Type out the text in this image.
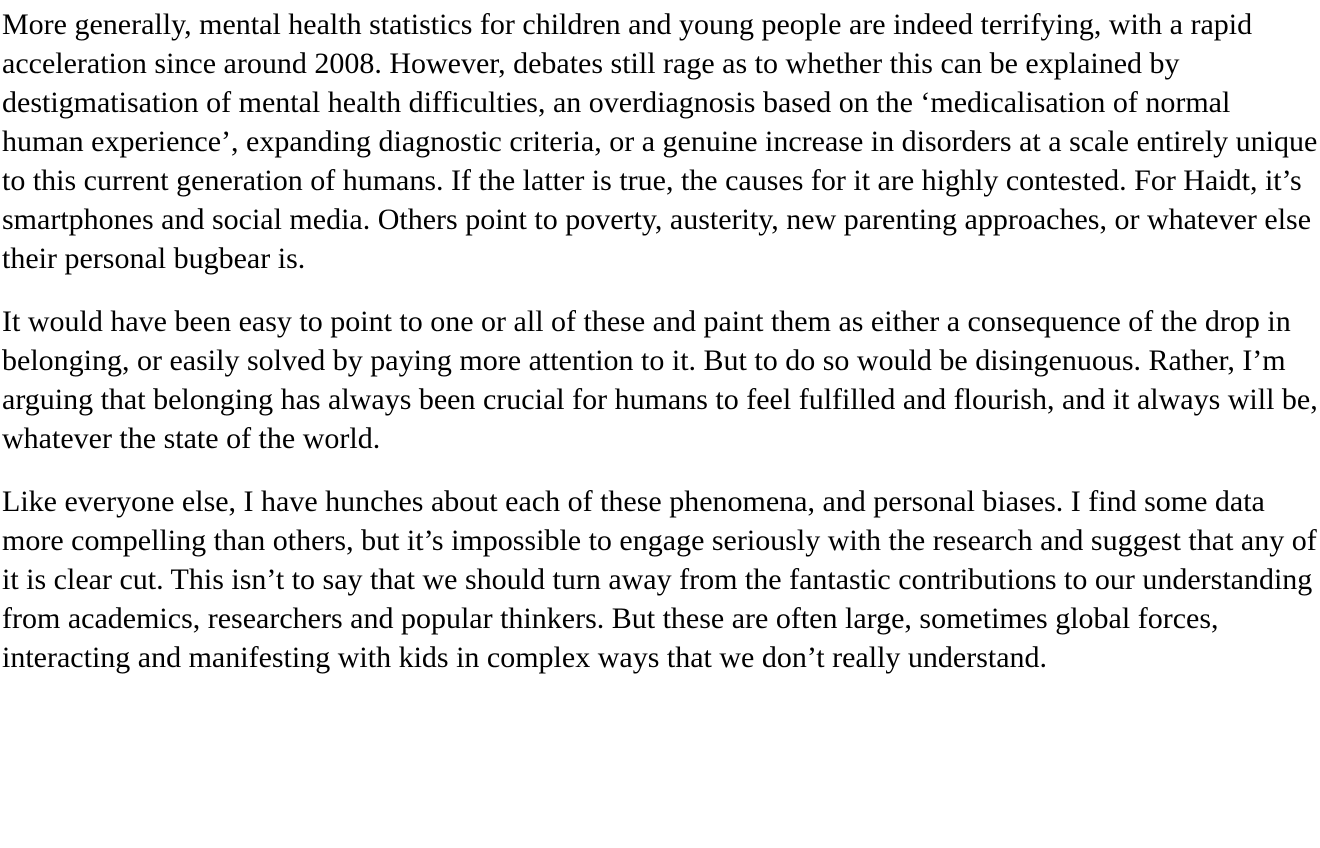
More generally, mental health statistics for children and young people are indeed terrifying, with a rapid acceleration since around 2008. However, debates still rage as to whether this can be explained by destigmatisation of mental health difficulties, an overdiagnosis based on the ‘medicalisation of normal human experience’, expanding diagnostic criteria, or a genuine increase in disorders at a scale entirely unique to this current generation of humans. If the latter is true, the causes for it are highly contested. For Haidt, it’s smartphones and social media. Others point to poverty, austerity, new parenting approaches, or whatever else their personal bugbear is.

It would have been easy to point to one or all of these and paint them as either a consequence of the drop in belonging, or easily solved by paying more attention to it. But to do so would be disingenuous. Rather, I’m arguing that belonging has always been crucial for humans to feel fulfilled and flourish, and it always will be, whatever the state of the world.

Like everyone else, I have hunches about each of these phenomena, and personal biases. I find some data more compelling than others, but it’s impossible to engage seriously with the research and suggest that any of it is clear cut. This isn’t to say that we should turn away from the fantastic contributions to our understanding from academics, researchers and popular thinkers. But these are often large, sometimes global forces, interacting and manifesting with kids in complex ways that we don’t really understand.
